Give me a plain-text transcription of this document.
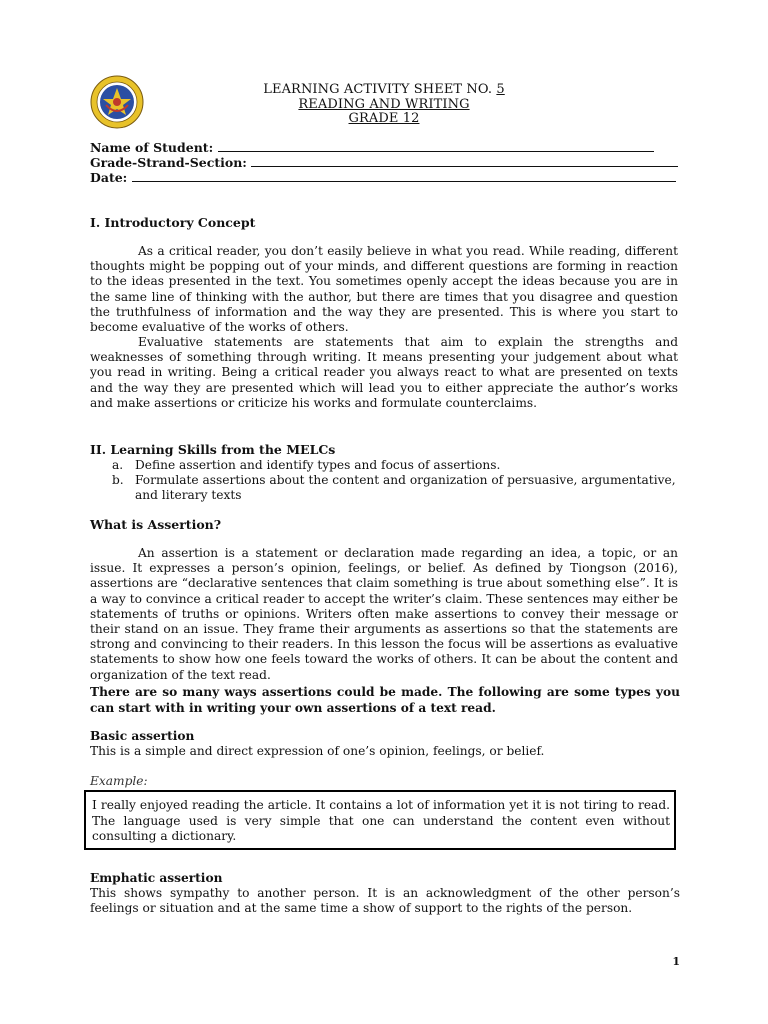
LEARNING ACTIVITY SHEET NO. 5
READING AND WRITING
GRADE 12
Name of Student:
Grade-Strand-Section:
Date:
I. Introductory Concept
As a critical reader, you don’t easily believe in what you read. While reading, different thoughts might be popping out of your minds, and different questions are forming in reaction to the ideas presented in the text. You sometimes openly accept the ideas because you are in the same line of thinking with the author, but there are times that you disagree and question the truthfulness of information and the way they are presented. This is where you start to become evaluative of the works of others.
Evaluative statements are statements that aim to explain the strengths and weaknesses of something through writing. It means presenting your judgement about what you read in writing. Being a critical reader you always react to what are presented on texts and the way they are presented which will lead you to either appreciate the author’s works and make assertions or criticize his works and formulate counterclaims.
II. Learning Skills from the MELCs
a. Define assertion and identify types and focus of assertions.
b. Formulate assertions about the content and organization of persuasive, argumentative, and literary texts
What is Assertion?
An assertion is a statement or declaration made regarding an idea, a topic, or an issue. It expresses a person’s opinion, feelings, or belief. As defined by Tiongson (2016), assertions are “declarative sentences that claim something is true about something else”. It is a way to convince a critical reader to accept the writer’s claim. These sentences may either be statements of truths or opinions. Writers often make assertions to convey their message or their stand on an issue. They frame their arguments as assertions so that the statements are strong and convincing to their readers. In this lesson the focus will be assertions as evaluative statements to show how one feels toward the works of others. It can be about the content and organization of the text read.
There are so many ways assertions could be made. The following are some types you can start with in writing your own assertions of a text read.
Basic assertion
This is a simple and direct expression of one’s opinion, feelings, or belief.
Example:
I really enjoyed reading the article. It contains a lot of information yet it is not tiring to read. The language used is very simple that one can understand the content even without consulting a dictionary.
Emphatic assertion
This shows sympathy to another person. It is an acknowledgment of the other person’s feelings or situation and at the same time a show of support to the rights of the person.
1
